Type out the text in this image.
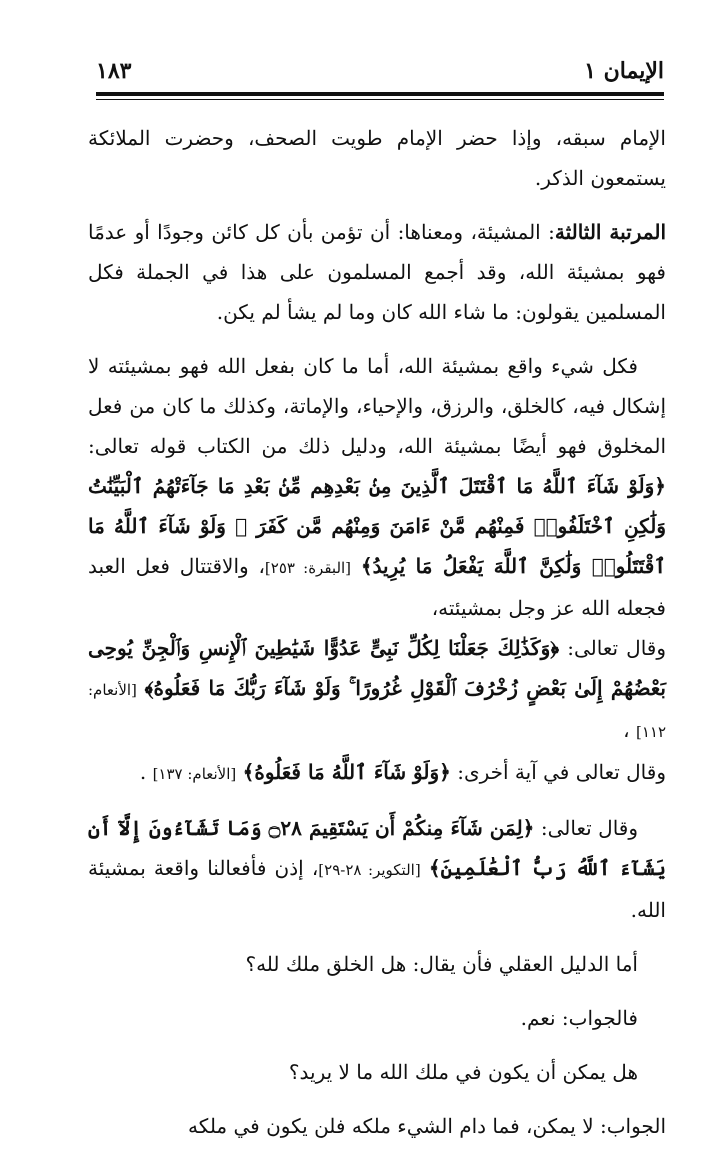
الإيمان ١
١٨٣

الإمام سبقه، وإذا حضر الإمام طويت الصحف، وحضرت الملائكة يستمعون الذكر.

المرتبة الثالثة: المشيئة، ومعناها: أن تؤمن بأن كل كائن وجودًا أو عدمًا فهو بمشيئة الله، وقد أجمع المسلمون على هذا في الجملة فكل المسلمين يقولون: ما شاء الله كان وما لم يشأ لم يكن.

فكل شيء واقع بمشيئة الله، أما ما كان بفعل الله فهو بمشيئته لا إشكال فيه، كالخلق، والرزق، والإحياء، والإماتة، وكذلك ما كان من فعل المخلوق فهو أيضًا بمشيئة الله، ودليل ذلك من الكتاب قوله تعالى: ﴿وَلَوْ شَآءَ ٱللَّهُ مَا ٱقْتَتَلَ ٱلَّذِينَ مِنۢ بَعْدِهِم مِّنۢ بَعْدِ مَا جَآءَتْهُمُ ٱلْبَيِّنَٰتُ وَلَٰكِنِ ٱخْتَلَفُوا۟ فَمِنْهُم مَّنْ ءَامَنَ وَمِنْهُم مَّن كَفَرَ ۚ وَلَوْ شَآءَ ٱللَّهُ مَا ٱقْتَتَلُوا۟ وَلَٰكِنَّ ٱللَّهَ يَفْعَلُ مَا يُرِيدُ﴾ [البقرة: ٢٥٣]، والاقتتال فعل العبد فجعله الله عز وجل بمشيئته،
وقال تعالى: ﴿وَكَذَٰلِكَ جَعَلْنَا لِكُلِّ نَبِىٍّ عَدُوًّا شَيَٰطِينَ ٱلْإِنسِ وَٱلْجِنِّ يُوحِى بَعْضُهُمْ إِلَىٰ بَعْضٍ زُخْرُفَ ٱلْقَوْلِ غُرُورًا ۚ وَلَوْ شَآءَ رَبُّكَ مَا فَعَلُوهُ﴾ [الأنعام: ١١٢] ،
وقال تعالى في آية أخرى: ﴿وَلَوْ شَآءَ ٱللَّهُ مَا فَعَلُوهُ﴾ [الأنعام: ١٣٧] .

وقال تعالى: ﴿لِمَن شَآءَ مِنكُمْ أَن يَسْتَقِيمَ ۝٢٨ وَمَا تَشَآءُونَ إِلَّآ أَن يَشَآءَ ٱللَّهُ رَبُّ ٱلْعَٰلَمِينَ﴾ [التكوير: ٢٨-٢٩]، إذن فأفعالنا واقعة بمشيئة الله.

أما الدليل العقلي فأن يقال: هل الخلق ملك لله؟

فالجواب: نعم.

هل يمكن أن يكون في ملك الله ما لا يريد؟

الجواب: لا يمكن، فما دام الشيء ملكه فلن يكون في ملكه
